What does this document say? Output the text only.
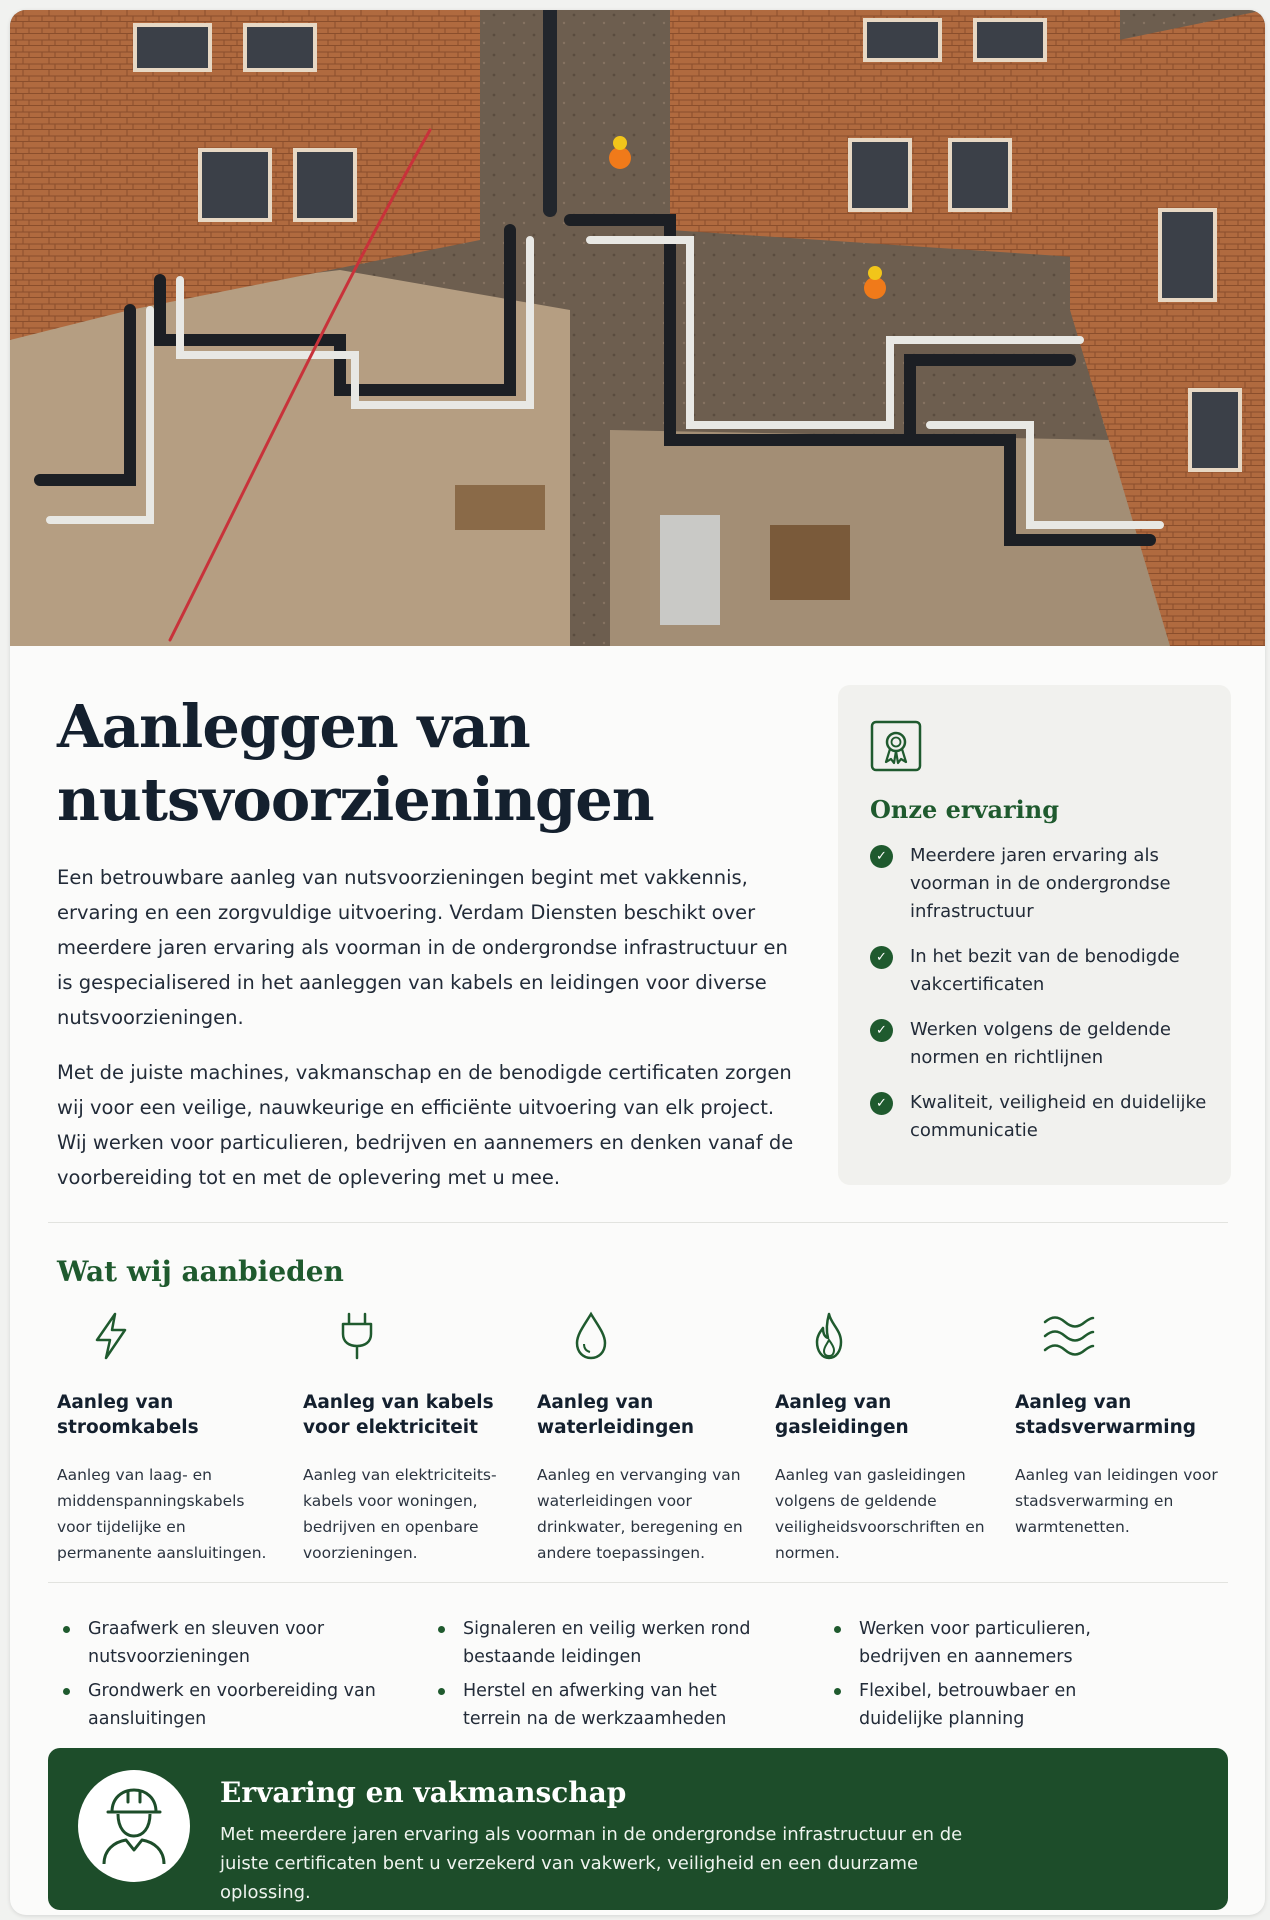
Aanleggen van nutsvoorzieningen

Een betrouwbare aanleg van nutsvoorzieningen begint met vakkennis, ervaring en een zorgvuldige uitvoering. Verdam Diensten beschikt over meerdere jaren ervaring als voorman in de ondergrondse infrastructuur en is gespecialisered in het aanleggen van kabels en leidingen voor diverse nutsvoorzieningen.

Met de juiste machines, vakmanschap en de benodigde certificaten zorgen wij voor een veilige, nauwkeurige en efficiënte uitvoering van elk project. Wij werken voor particulieren, bedrijven en aannemers en denken vanaf de voorbereiding tot en met de oplevering met u mee.

Onze ervaring
✓	Meerdere jaren ervaring als voorman in de ondergrondse infrastructuur
✓	In het bezit van de benodigde vakcertificaten
✓	Werken volgens de geldende normen en richtlijnen
✓	Kwaliteit, veiligheid en duidelijke communicatie
Wat wij aanbieden
Aanleg van stroomkabels

Aanleg van laag- en middenspanningskabels voor tijdelijke en permanente aansluitingen.

Aanleg van kabels voor elektriciteit

Aanleg van elektriciteits-kabels voor woningen, bedrijven en openbare voorzieningen.

Aanleg van waterleidingen

Aanleg en vervanging van waterleidingen voor drinkwater, beregening en andere toepassingen.

Aanleg van gasleidingen

Aanleg van gasleidingen volgens de geldende veiligheidsvoorschriften en normen.

Aanleg van stadsverwarming

Aanleg van leidingen voor stadsverwarming en warmtenetten.

Graafwerk en sleuven voor nutsvoorzieningen
Grondwerk en voorbereiding van aansluitingen
Signaleren en veilig werken rond bestaande leidingen
Herstel en afwerking van het terrein na de werkzaamheden
Werken voor particulieren, bedrijven en aannemers
Flexibel, betrouwbaer en duidelijke planning
Ervaring en vakmanschap

Met meerdere jaren ervaring als voorman in de ondergrondse infrastructuur en de juiste certificaten bent u verzekerd van vakwerk, veiligheid en een duurzame oplossing.
